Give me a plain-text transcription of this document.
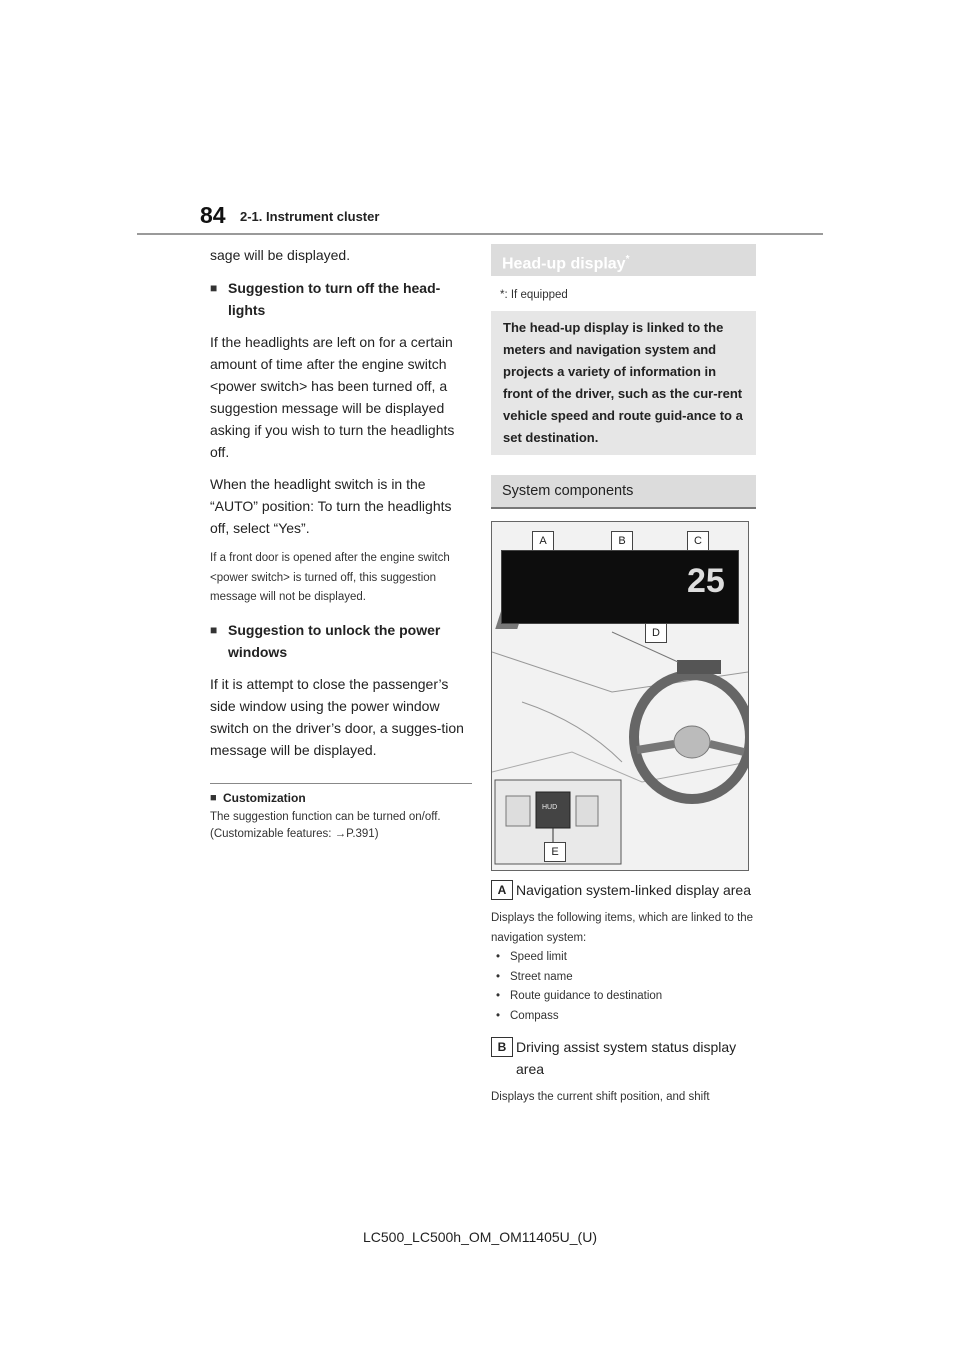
84 2-1. Instrument cluster

sage will be displayed.

■ Suggestion to turn off the head-lights

If the headlights are left on for a certain amount of time after the engine switch <power switch> has been turned off, a suggestion message will be displayed asking if you wish to turn the headlights off.

When the headlight switch is in the “AUTO” position: To turn the headlights off, select “Yes”.

If a front door is opened after the engine switch <power switch> is turned off, this suggestion message will not be displayed.

■ Suggestion to unlock the power windows

If it is attempt to close the passenger’s side window using the power window switch on the driver’s door, a sugges-tion message will be displayed.

■ Customization

The suggestion function can be turned on/off. (Customizable features: →P.391)

Head-up display*

*: If equipped

The head-up display is linked to the meters and navigation system and projects a variety of information in front of the driver, such as the cur-rent vehicle speed and route guid-ance to a set destination.

System components
25
A	B	C
D
E
HUD
A Navigation system-linked display area

Displays the following items, which are linked to the navigation system:

• Speed limit
• Street name
• Route guidance to destination
• Compass
B Driving assist system status display area

Displays the current shift position, and shift

LC500_LC500h_OM_OM11405U_(U)
